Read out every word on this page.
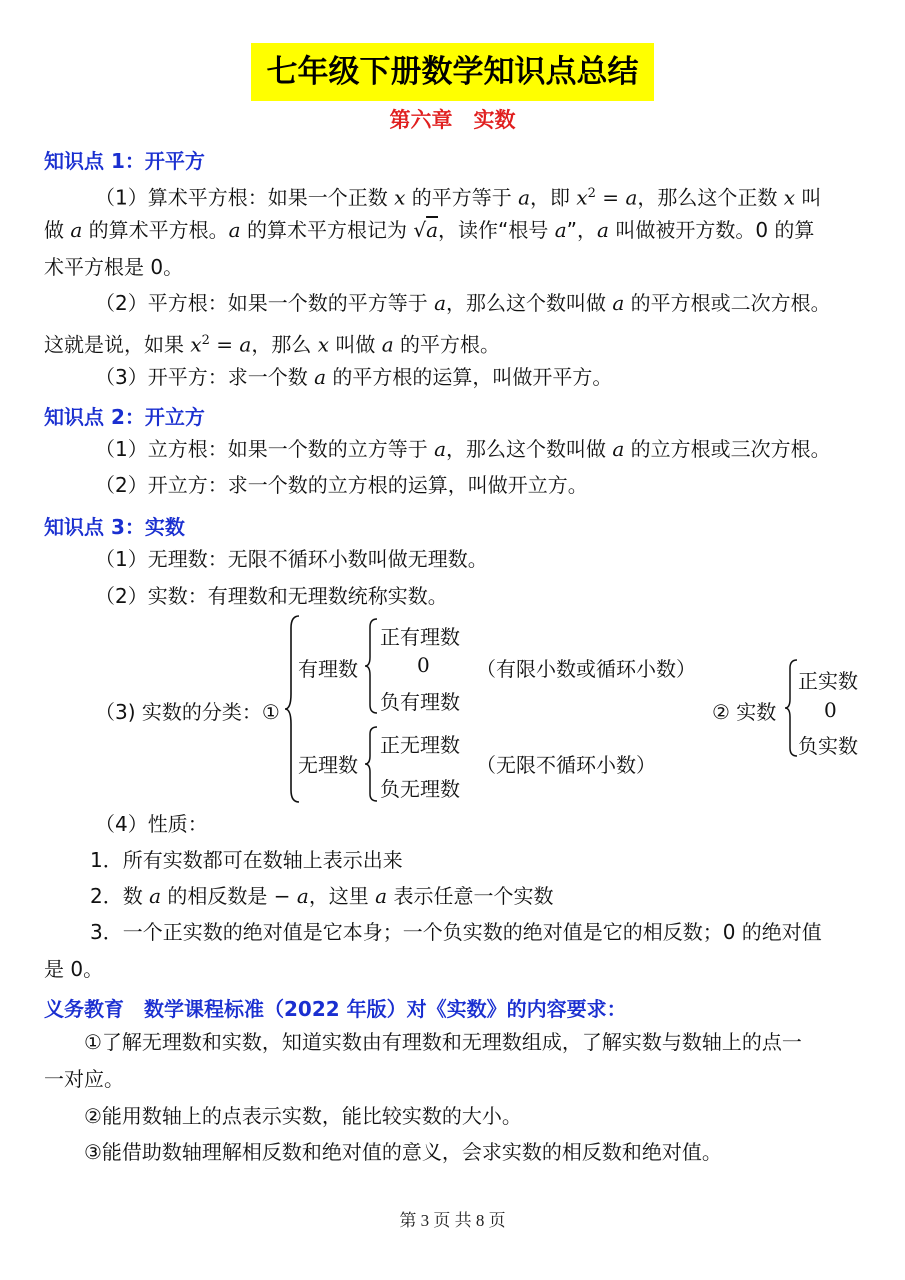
七年级下册数学知识点总结
第六章　实数
知识点 1：开平方
（1）算术平方根：如果一个正数 x 的平方等于 a，即 $x^2 = a$，那么这个正数 x 叫
做 a 的算术平方根。a 的算术平方根记为 √a，读作“根号 a”，a 叫做被开方数。0 的算
术平方根是 0。
（2）平方根：如果一个数的平方等于 a，那么这个数叫做 a 的平方根或二次方根。
这就是说，如果 $x^2 = a$，那么 x 叫做 a 的平方根。
（3）开平方：求一个数 a 的平方根的运算，叫做开平方。
知识点 2：开立方
（1）立方根：如果一个数的立方等于 a，那么这个数叫做 a 的立方根或三次方根。
（2）开立方：求一个数的立方根的运算，叫做开立方。
知识点 3：实数
（1）无理数：无限不循环小数叫做无理数。
（2）实数：有理数和无理数统称实数。
（3) 实数的分类：①
有理数
正有理数
0
负有理数
（有限小数或循环小数）
无理数
正无理数
负无理数
（无限不循环小数）
② 实数
正实数
0
负实数
（4）性质：
1．所有实数都可在数轴上表示出来
2．数 a 的相反数是 − a，这里 a 表示任意一个实数
3．一个正实数的绝对值是它本身；一个负实数的绝对值是它的相反数；0 的绝对值
是 0。
义务教育　数学课程标准（2022 年版）对《实数》的内容要求：
①了解无理数和实数，知道实数由有理数和无理数组成，了解实数与数轴上的点一
一对应。
②能用数轴上的点表示实数，能比较实数的大小。
③能借助数轴理解相反数和绝对值的意义，会求实数的相反数和绝对值。
第 3 页 共 8 页
